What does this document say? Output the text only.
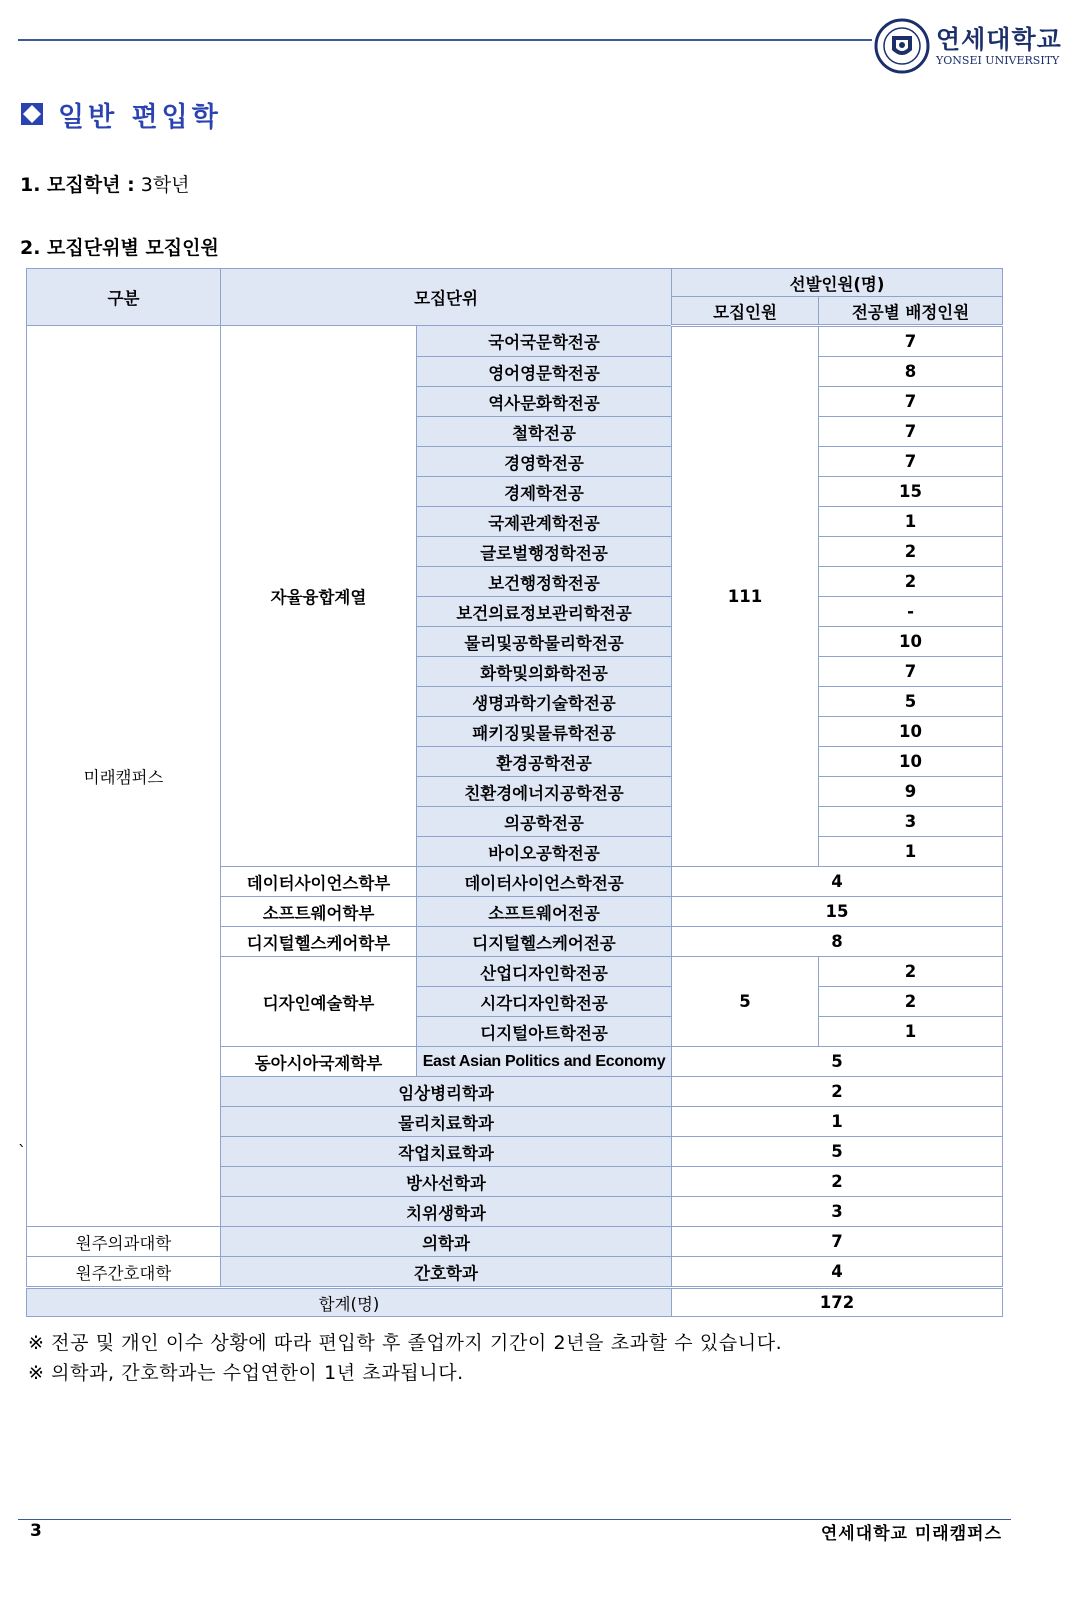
연세대학교
YONSEI UNIVERSITY
일반 편입학
1. 모집학년 : 3학년
2. 모집단위별 모집인원
구분	모집단위		선발인원(명)	
			모집인원	전공별 배정인원
미래캠퍼스	자율융합계열	국어국문학전공	111	7
		영어영문학전공		8
		역사문화학전공		7
		철학전공		7
		경영학전공		7
		경제학전공		15
		국제관계학전공		1
		글로벌행정학전공		2
		보건행정학전공		2
		보건의료정보관리학전공		-
		물리및공학물리학전공		10
		화학및의화학전공		7
		생명과학기술학전공		5
		패키징및물류학전공		10
		환경공학전공		10
		친환경에너지공학전공		9
		의공학전공		3
		바이오공학전공		1
	데이터사이언스학부	데이터사이언스학전공	4	
	소프트웨어학부	소프트웨어전공	15	
	디지털헬스케어학부	디지털헬스케어전공	8	
	디자인예술학부	산업디자인학전공	5	2
		시각디자인학전공		2
		디지털아트학전공		1
	동아시아국제학부	East Asian Politics and Economy	5	
	임상병리학과		2	
	물리치료학과		1	
	작업치료학과		5	
	방사선학과		2	
	치위생학과		3	
원주의과대학	의학과		7	
원주간호대학	간호학과		4	
합계(명)			172	
`
※ 전공 및 개인 이수 상황에 따라 편입학 후 졸업까지 기간이 2년을 초과할 수 있습니다.
※ 의학과, 간호학과는 수업연한이 1년 초과됩니다.
3	연세대학교 미래캠퍼스
